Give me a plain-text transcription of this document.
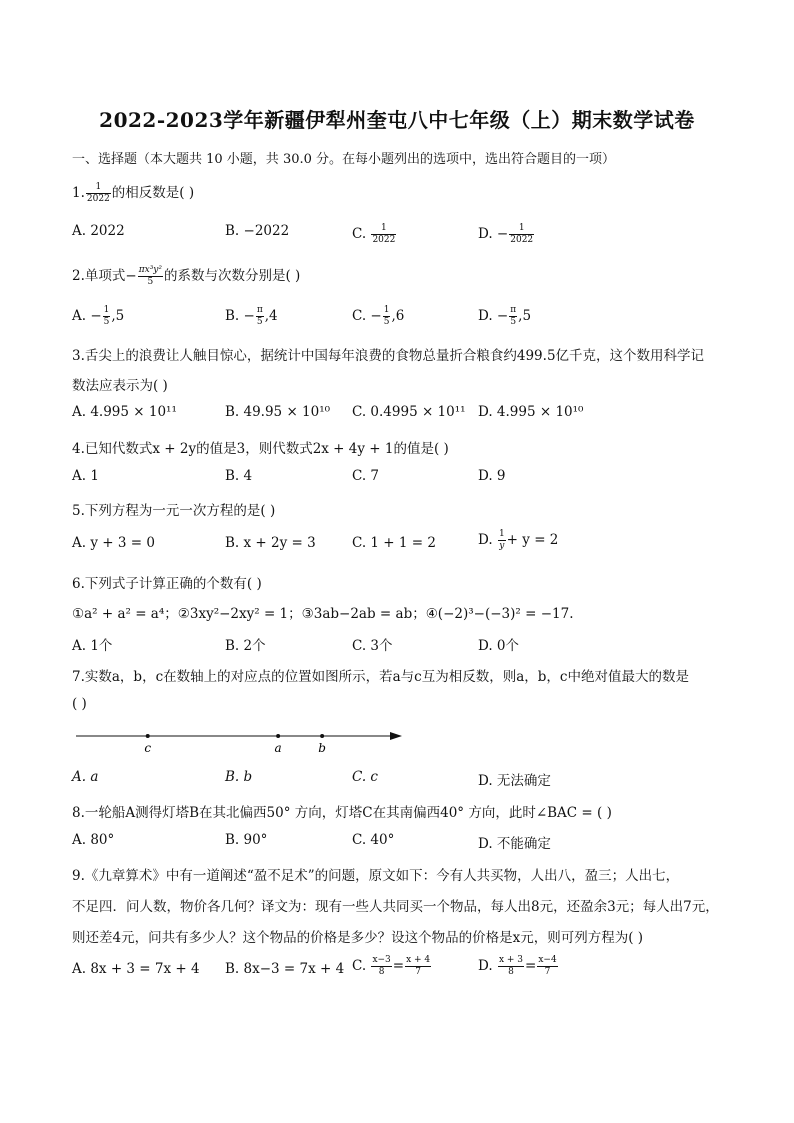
2022-2023学年新疆伊犁州奎屯八中七年级（上）期末数学试卷
一、选择题（本大题共 10 小题，共 30.0 分。在每小题列出的选项中，选出符合题目的一项）
1. $\frac{1}{2022}$ 的相反数是( )
A. 2022	B. −2022	C. $\frac{1}{2022}$	D. − $\frac{1}{2022}$
2.单项式− $\frac{\text{πx³y²}}{5}$ 的系数与次数分别是( )
A. − $\frac{1}{5} ,5$	B. − $\frac{\pi}{5} ,4$	C. − $\frac{1}{5} ,6$	D. − $\frac{\pi}{5} ,5$
3.舌尖上的浪费让人触目惊心，据统计中国每年浪费的食物总量折合粮食约499.5亿千克，这个数用科学记
数法应表示为( )
A. 4.995 × 10¹¹	B. 49.95 × 10¹⁰ C. 0.4995 × 10¹¹ D. 4.995 × 10¹⁰
4.已知代数式x + 2y的值是3，则代数式2x + 4y + 1的值是( )
A. 1	B. 4	C. 7	D. 9
5.下列方程为一元一次方程的是( )
A. y + 3 = 0	B. x + 2y = 3	C. 1 + 1 = 2	D. $\frac{1}{y} + y = 2$
6.下列式子计算正确的个数有( )
①a² + a² = a⁴；②3xy²−2xy² = 1；③3ab−2ab = ab；④(−2)³−(−3)² = −17.
A. 1个	B. 2个	C. 3个	D. 0个
7.实数a，b，c在数轴上的对应点的位置如图所示，若a与c互为相反数，则a，b，c中绝对值最大的数是
( )
c	a	b
A. a	B. b	C. c	D. 无法确定
8.一轮船A测得灯塔B在其北偏西50° 方向，灯塔C在其南偏西40° 方向，此时∠BAC = ( )
A. 80°	B. 90°	C. 40°	D. 不能确定
9.《九章算术》中有一道阐述“盈不足术”的问题，原文如下：今有人共买物，人出八，盈三；人出七，
不足四．问人数，物价各几何？译文为：现有一些人共同买一个物品，每人出8元，还盈余3元；每人出7元，
则还差4元，问共有多少人？这个物品的价格是多少？设这个物品的价格是x元，则可列方程为( )
A. 8x + 3 = 7x + 4 B. 8x−3 = 7x + 4 C. $\frac{x-3}{8} = \frac{x + 4}{7}$	D. $\frac{x + 3}{8} = \frac{x-4}{7}$
